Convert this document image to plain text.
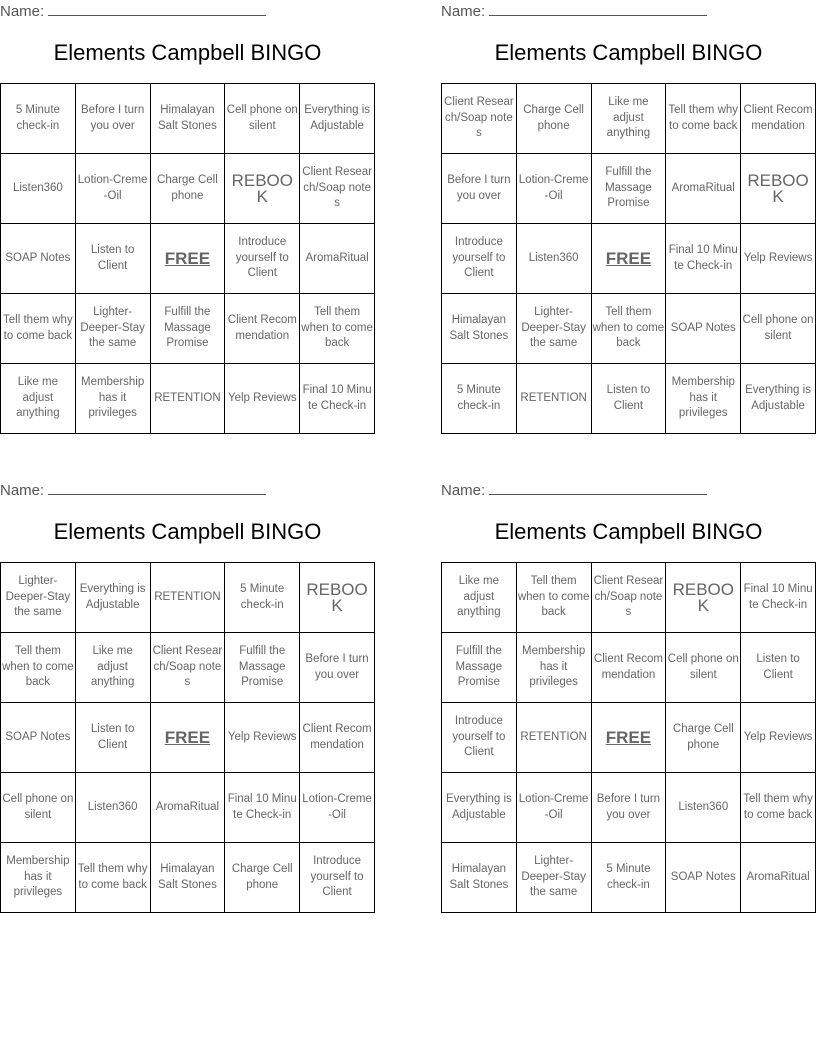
Name:
Elements Campbell BINGO
5 Minute check-in	Before I turn you over	Himalayan Salt Stones	Cell phone on silent	Everything is Adjustable
Listen360	Lotion-Creme-Oil	Charge Cell phone	REBOOK	Client Research/Soap notes
SOAP Notes	Listen to Client	FREE	Introduce yourself to Client	AromaRitual
Tell them why to come back	Lighter-Deeper-Stay the same	Fulfill the Massage Promise	Client Recommendation	Tell them when to come back
Like me adjust anything	Membership has it privileges	RETENTION	Yelp Reviews	Final 10 Minute Check-in
Name:
Elements Campbell BINGO
Client Research/Soap notes	Charge Cell phone	Like me adjust anything	Tell them why to come back	Client Recommendation
Before I turn you over	Lotion-Creme-Oil	Fulfill the Massage Promise	AromaRitual	REBOOK
Introduce yourself to Client	Listen360	FREE	Final 10 Minute Check-in	Yelp Reviews
Himalayan Salt Stones	Lighter-Deeper-Stay the same	Tell them when to come back	SOAP Notes	Cell phone on silent
5 Minute check-in	RETENTION	Listen to Client	Membership has it privileges	Everything is Adjustable
Name:
Elements Campbell BINGO
Lighter-Deeper-Stay the same	Everything is Adjustable	RETENTION	5 Minute check-in	REBOOK
Tell them when to come back	Like me adjust anything	Client Research/Soap notes	Fulfill the Massage Promise	Before I turn you over
SOAP Notes	Listen to Client	FREE	Yelp Reviews	Client Recommendation
Cell phone on silent	Listen360	AromaRitual	Final 10 Minute Check-in	Lotion-Creme-Oil
Membership has it privileges	Tell them why to come back	Himalayan Salt Stones	Charge Cell phone	Introduce yourself to Client
Name:
Elements Campbell BINGO
Like me adjust anything	Tell them when to come back	Client Research/Soap notes	REBOOK	Final 10 Minute Check-in
Fulfill the Massage Promise	Membership has it privileges	Client Recommendation	Cell phone on silent	Listen to Client
Introduce yourself to Client	RETENTION	FREE	Charge Cell phone	Yelp Reviews
Everything is Adjustable	Lotion-Creme-Oil	Before I turn you over	Listen360	Tell them why to come back
Himalayan Salt Stones	Lighter-Deeper-Stay the same	5 Minute check-in	SOAP Notes	AromaRitual
